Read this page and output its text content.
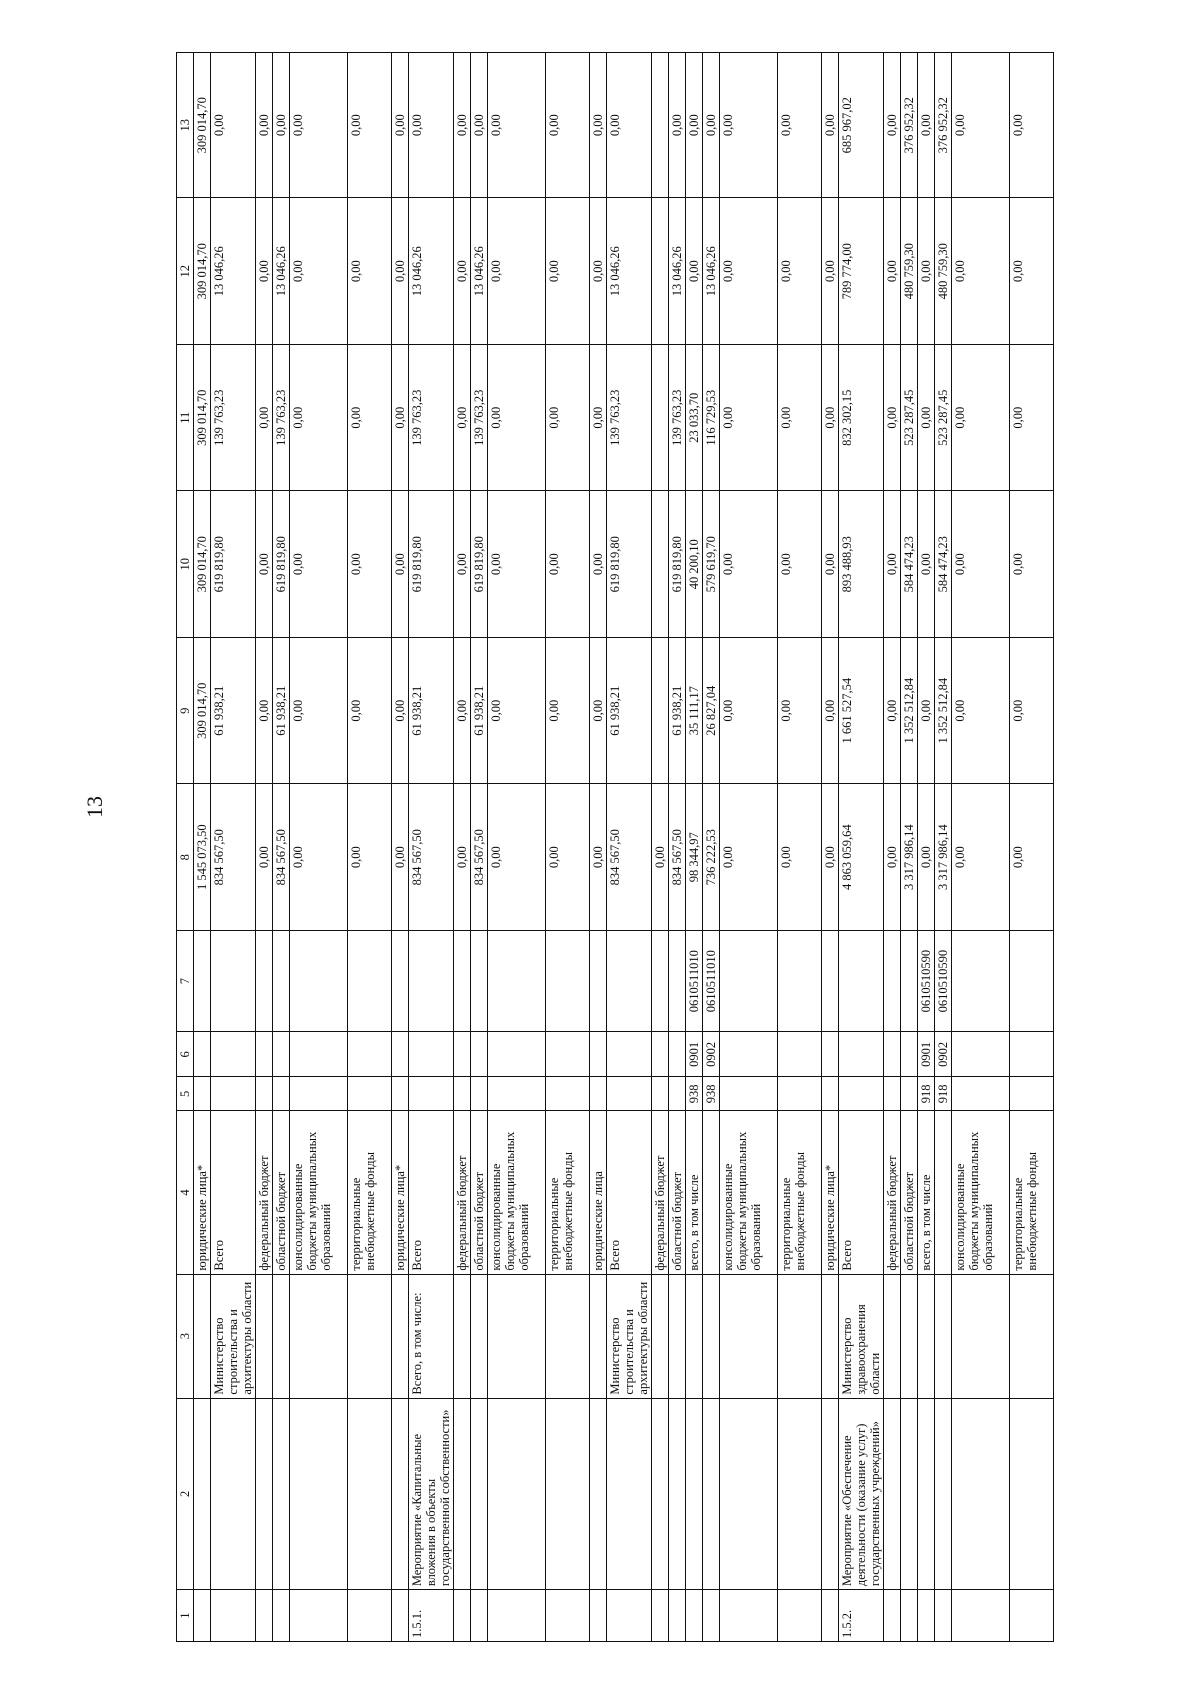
13
1	2	3	4	5	6	7	8	9	10	11	12	13
			юридические лица*				1 545 073,50	309 014,70	309 014,70	309 014,70	309 014,70	309 014,70
		Министерство строительства и архитектуры области	Всего				834 567,50	61 938,21	619 819,80	139 763,23	13 046,26	0,00
			федеральный бюджет				0,00	0,00	0,00	0,00	0,00	0,00
			областной бюджет				834 567,50	61 938,21	619 819,80	139 763,23	13 046,26	0,00
			консолидированные бюджеты муниципальных образований				0,00	0,00	0,00	0,00	0,00	0,00
			территориальные внебюджетные фонды				0,00	0,00	0,00	0,00	0,00	0,00
			юридические лица*				0,00	0,00	0,00	0,00	0,00	0,00
1.5.1.	Мероприятие «Капитальные вложения в объекты государственной собственности»	Всего, в том числе:	Всего				834 567,50	61 938,21	619 819,80	139 763,23	13 046,26	0,00
			федеральный бюджет				0,00	0,00	0,00	0,00	0,00	0,00
			областной бюджет				834 567,50	61 938,21	619 819,80	139 763,23	13 046,26	0,00
			консолидированные бюджеты муниципальных образований				0,00	0,00	0,00	0,00	0,00	0,00
			территориальные внебюджетные фонды				0,00	0,00	0,00	0,00	0,00	0,00
			юридические лица				0,00	0,00	0,00	0,00	0,00	0,00
		Министерство строительства и архитектуры области	Всего				834 567,50	61 938,21	619 819,80	139 763,23	13 046,26	0,00
			федеральный бюджет				0,00					
			областной бюджет				834 567,50	61 938,21	619 819,80	139 763,23	13 046,26	0,00
			всего, в том числе	938	0901	0610511010	98 344,97	35 111,17	40 200,10	23 033,70	0,00	0,00
				938	0902	0610511010	736 222,53	26 827,04	579 619,70	116 729,53	13 046,26	0,00
			консолидированные бюджеты муниципальных образований				0,00	0,00	0,00	0,00	0,00	0,00
			территориальные внебюджетные фонды				0,00	0,00	0,00	0,00	0,00	0,00
			юридические лица*				0,00	0,00	0,00	0,00	0,00	0,00
1.5.2.	Мероприятие «Обеспечение деятельности (оказание услуг) государственных учреждений»	Министерство здравоохранения области	Всего				4 863 059,64	1 661 527,54	893 488,93	832 302,15	789 774,00	685 967,02
			федеральный бюджет				0,00	0,00	0,00	0,00	0,00	0,00
			областной бюджет				3 317 986,14	1 352 512,84	584 474,23	523 287,45	480 759,30	376 952,32
			всего, в том числе	918	0901	0610510590	0,00	0,00	0,00	0,00	0,00	0,00
				918	0902	0610510590	3 317 986,14	1 352 512,84	584 474,23	523 287,45	480 759,30	376 952,32
			консолидированные бюджеты муниципальных образований				0,00	0,00	0,00	0,00	0,00	0,00
			территориальные внебюджетные фонды				0,00	0,00	0,00	0,00	0,00	0,00
